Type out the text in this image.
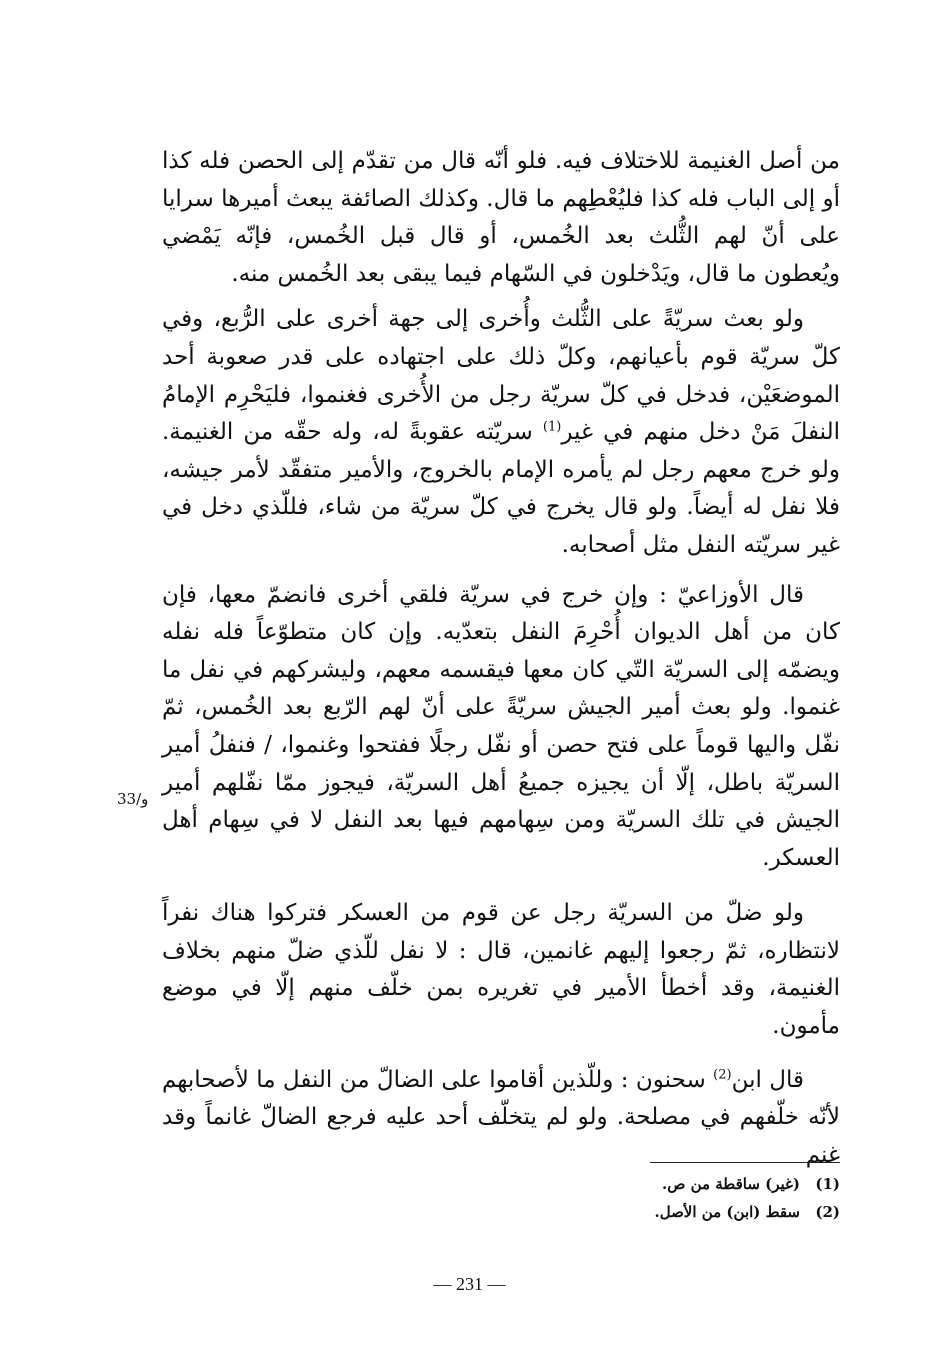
من أصل الغنيمة للاختلاف فيه. فلو أنّه قال من تقدّم إلى الحصن فله كذا أو إلى الباب فله كذا فليُعْطِهم ما قال. وكذلك الصائفة يبعث أميرها سرايا على أنّ لهم الثُّلث بعد الخُمس، أو قال قبل الخُمس، فإنّه يَمْضي ويُعطون ما قال، ويَدْخلون في السّهام فيما يبقى بعد الخُمس منه.

ولو بعث سريّةً على الثُّلث وأُخرى إلى جهة أخرى على الرُّبع، وفي كلّ سريّة قوم بأعيانهم، وكلّ ذلك على اجتهاده على قدر صعوبة أحد الموضعَيْن، فدخل في كلّ سريّة رجل من الأُخرى فغنموا، فليَحْرِم الإمامُ النفلَ مَنْ دخل منهم في غير$^{(1)}$ سريّته عقوبةً له، وله حقّه من الغنيمة. ولو خرج معهم رجل لم يأمره الإمام بالخروج، والأمير متفقّد لأمر جيشه، فلا نفل له أيضاً. ولو قال يخرج في كلّ سريّة من شاء، فللّذي دخل في غير سريّته النفل مثل أصحابه.

قال الأوزاعيّ : وإن خرج في سريّة فلقي أخرى فانضمّ معها، فإن كان من أهل الديوان أُحْرِمَ النفل بتعدّيه. وإن كان متطوّعاً فله نفله ويضمّه إلى السريّة التّي كان معها فيقسمه معهم، وليشركهم في نفل ما غنموا. ولو بعث أمير الجيش سريّةً على أنّ لهم الرّبع بعد الخُمس، ثمّ نفّل واليها قوماً على فتح حصن أو نفّل رجلًا ففتحوا وغنموا، / فنفلُ أمير السريّة باطل، إلّا أن يجيزه جميعُ أهل السريّة، فيجوز ممّا نفّلهم أمير الجيش في تلك السريّة ومن سِهامهم فيها بعد النفل لا في سِهام أهل العسكر.

ولو ضلّ من السريّة رجل عن قوم من العسكر فتركوا هناك نفراً لانتظاره، ثمّ رجعوا إليهم غانمين، قال : لا نفل للّذي ضلّ منهم بخلاف الغنيمة، وقد أخطأ الأمير في تغريره بمن خلّف منهم إلّا في موضع مأمون.

قال ابن$^{(2)}$ سحنون : وللّذين أقاموا على الضالّ من النفل ما لأصحابهم لأنّه خلّفهم في مصلحة. ولو لم يتخلّف أحد عليه فرجع الضالّ غانماً وقد غنم

33/و

(1)(غير) ساقطة من ص.

(2)سقط (ابن) من الأصل.

— 231 —
